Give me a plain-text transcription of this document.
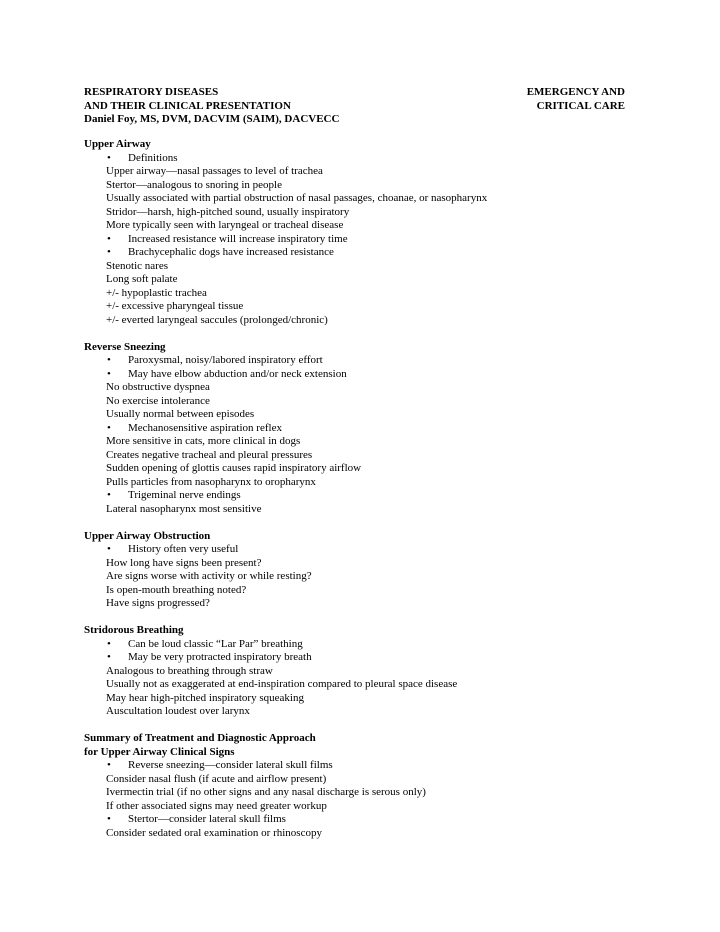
RESPIRATORY DISEASES	EMERGENCY AND
AND THEIR CLINICAL PRESENTATION	CRITICAL CARE
Daniel Foy, MS, DVM, DACVIM (SAIM), DACVECC
Upper Airway
•	Definitions
Upper airway—nasal passages to level of trachea
Stertor—analogous to snoring in people
Usually associated with partial obstruction of nasal passages, choanae, or nasopharynx
Stridor—harsh, high-pitched sound, usually inspiratory
More typically seen with laryngeal or tracheal disease
•	Increased resistance will increase inspiratory time
•	Brachycephalic dogs have increased resistance
Stenotic nares
Long soft palate
+/- hypoplastic trachea
+/- excessive pharyngeal tissue
+/- everted laryngeal saccules (prolonged/chronic)
Reverse Sneezing
•	Paroxysmal, noisy/labored inspiratory effort
•	May have elbow abduction and/or neck extension
No obstructive dyspnea
No exercise intolerance
Usually normal between episodes
•	Mechanosensitive aspiration reflex
More sensitive in cats, more clinical in dogs
Creates negative tracheal and pleural pressures
Sudden opening of glottis causes rapid inspiratory airflow
Pulls particles from nasopharynx to oropharynx
•	Trigeminal nerve endings
Lateral nasopharynx most sensitive
Upper Airway Obstruction
•	History often very useful
How long have signs been present?
Are signs worse with activity or while resting?
Is open-mouth breathing noted?
Have signs progressed?
Stridorous Breathing
•	Can be loud classic “Lar Par” breathing
•	May be very protracted inspiratory breath
Analogous to breathing through straw
Usually not as exaggerated at end-inspiration compared to pleural space disease
May hear high-pitched inspiratory squeaking
Auscultation loudest over larynx
Summary of Treatment and Diagnostic Approach
for Upper Airway Clinical Signs
•	Reverse sneezing—consider lateral skull films
Consider nasal flush (if acute and airflow present)
Ivermectin trial (if no other signs and any nasal discharge is serous only)
If other associated signs may need greater workup
•	Stertor—consider lateral skull films
Consider sedated oral examination or rhinoscopy
